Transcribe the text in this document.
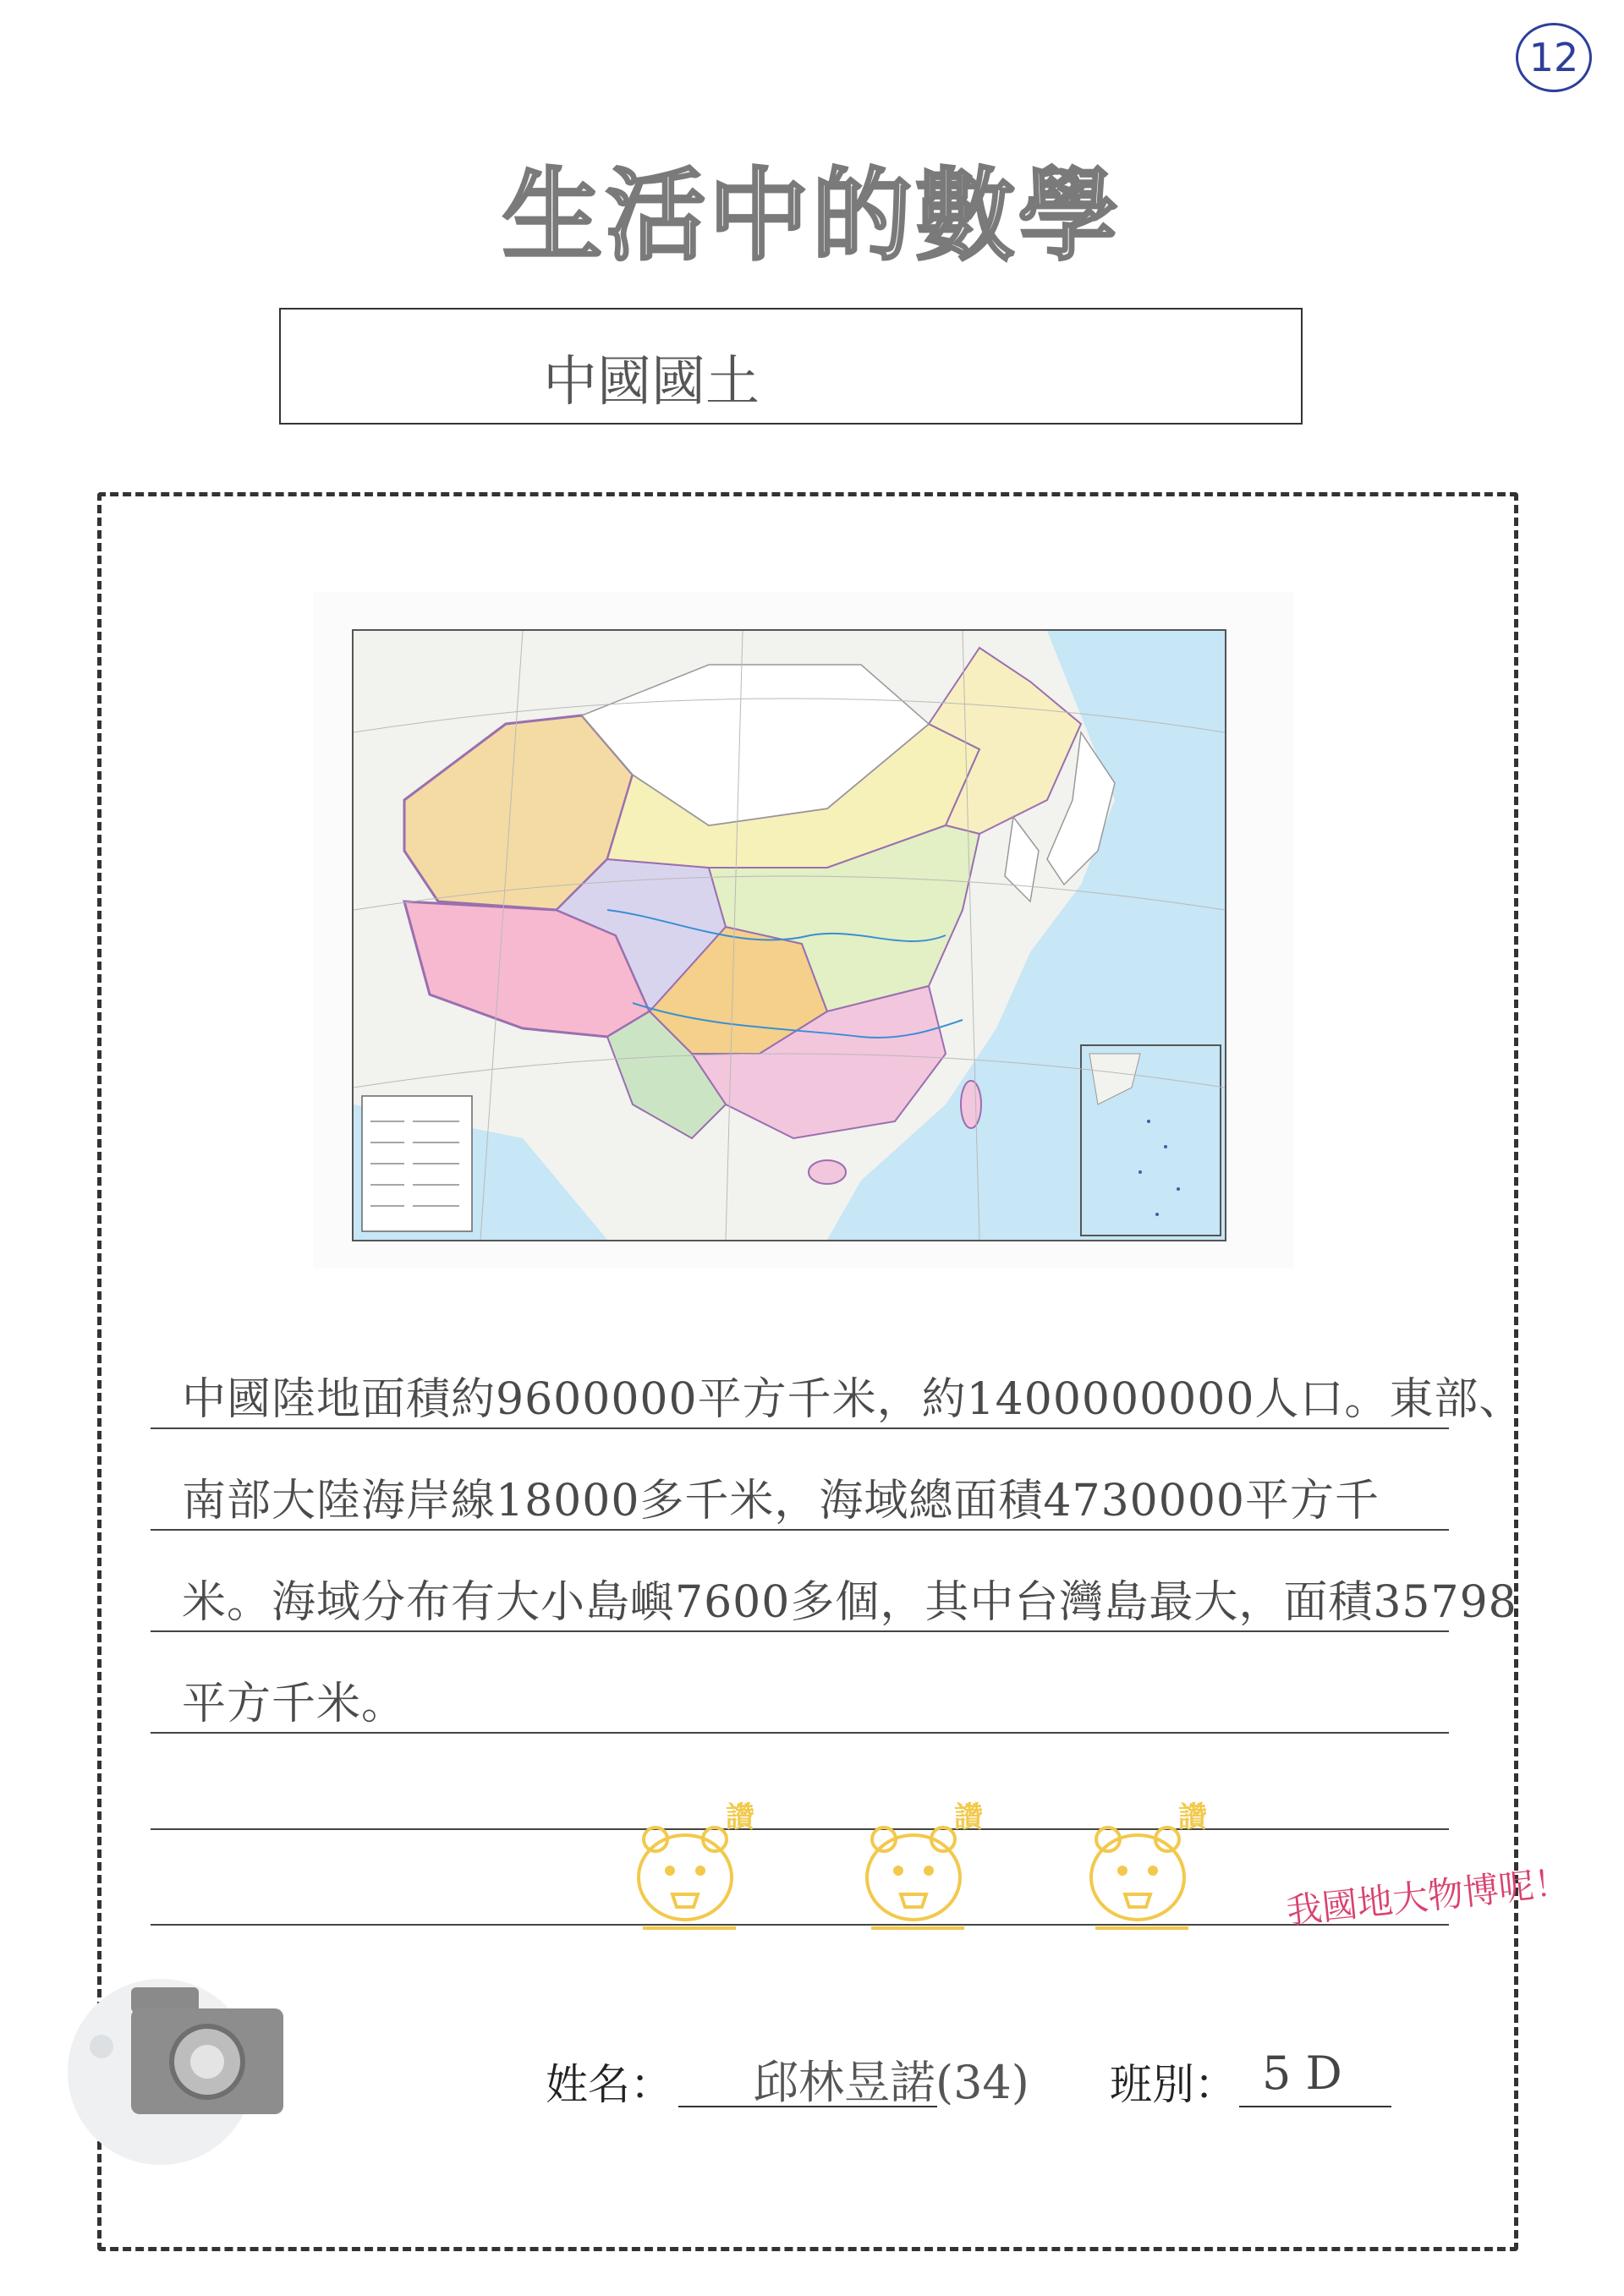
12
生活中的數學
中國國土
中國陸地面積約9600000平方千米，約1400000000人口。東部、
南部大陸海岸線18000多千米，海域總面積4730000平方千
米。海域分布有大小島嶼7600多個，其中台灣島最大，面積35798
平方千米。
讚	讚	讚
我國地大物博呢！
姓名： 邱林昱諾(34) 班別： 5 D
